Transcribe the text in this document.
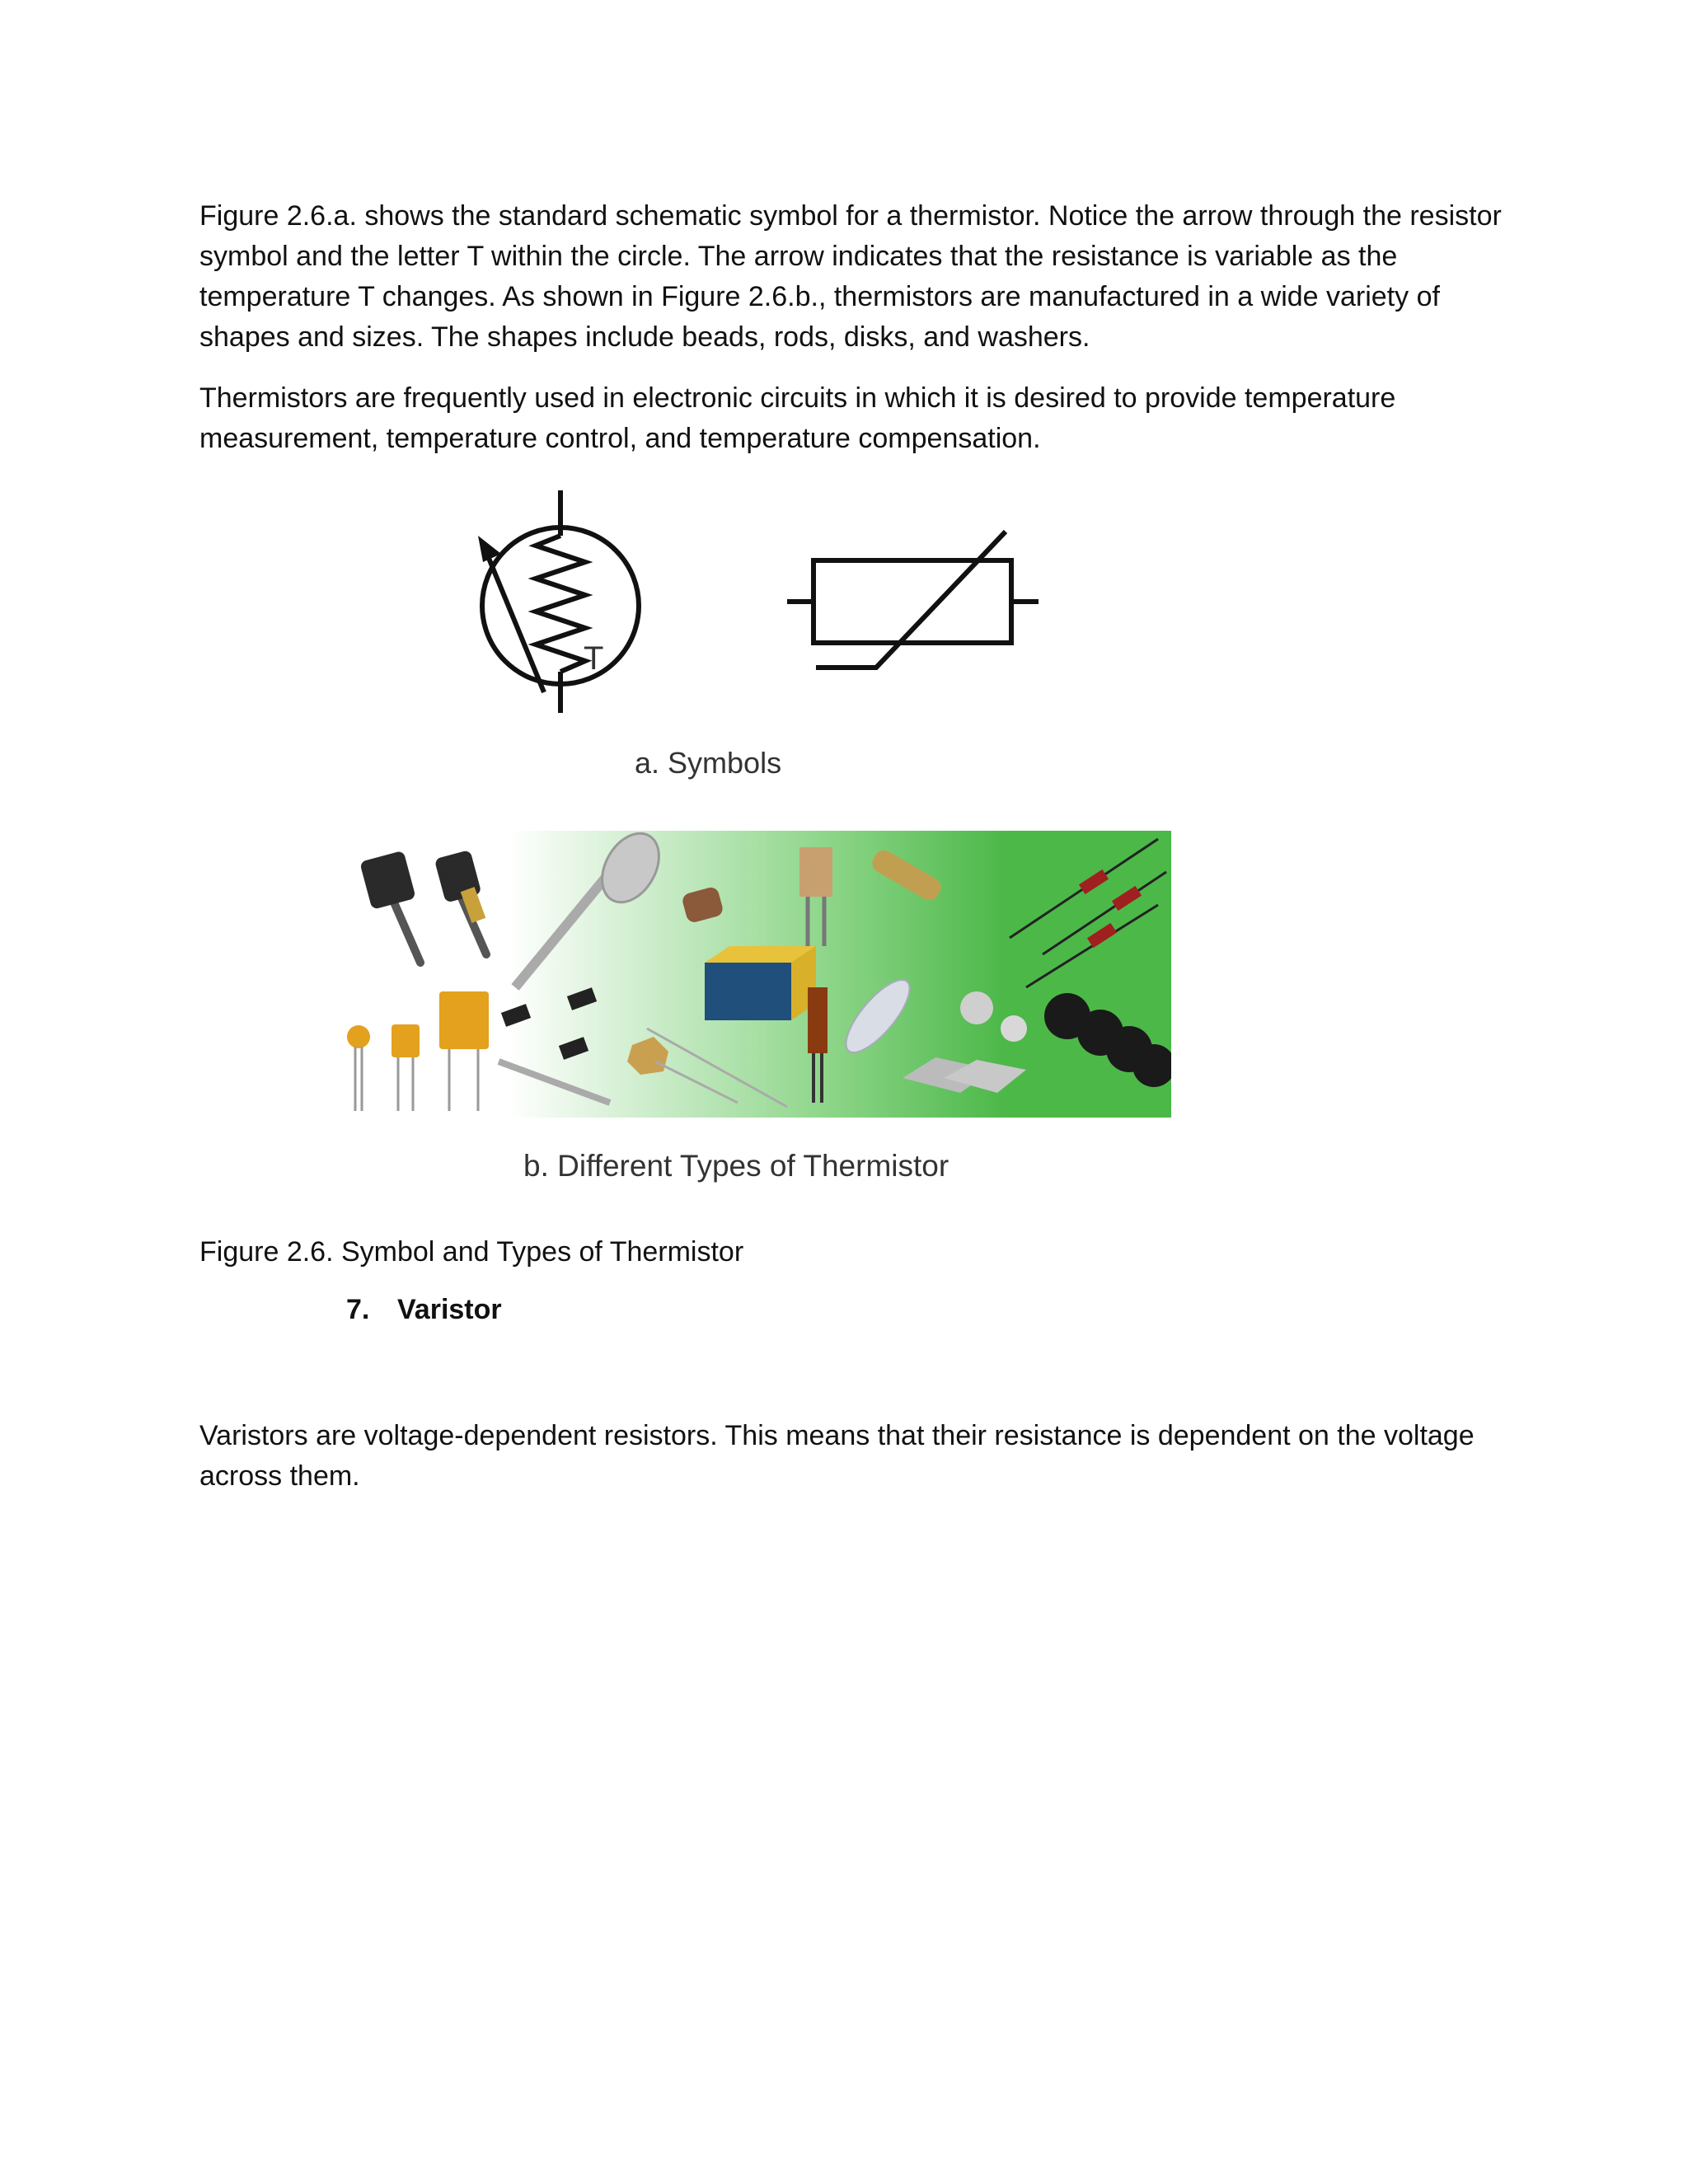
Figure 2.6.a. shows the standard schematic symbol for a thermistor. Notice the arrow through the resistor symbol and the letter T within the circle. The arrow indicates that the resistance is variable as the temperature T changes. As shown in Figure 2.6.b., thermistors are manufactured in a wide variety of shapes and sizes. The shapes include beads, rods, disks, and washers.

Thermistors are frequently used in electronic circuits in which it is desired to provide temperature measurement, temperature control, and temperature compensation.

T
a. Symbols
b. Different Types of Thermistor

Figure 2.6. Symbol and Types of Thermistor

7. Varistor

Varistors are voltage-dependent resistors. This means that their resistance is dependent on the voltage across them.
